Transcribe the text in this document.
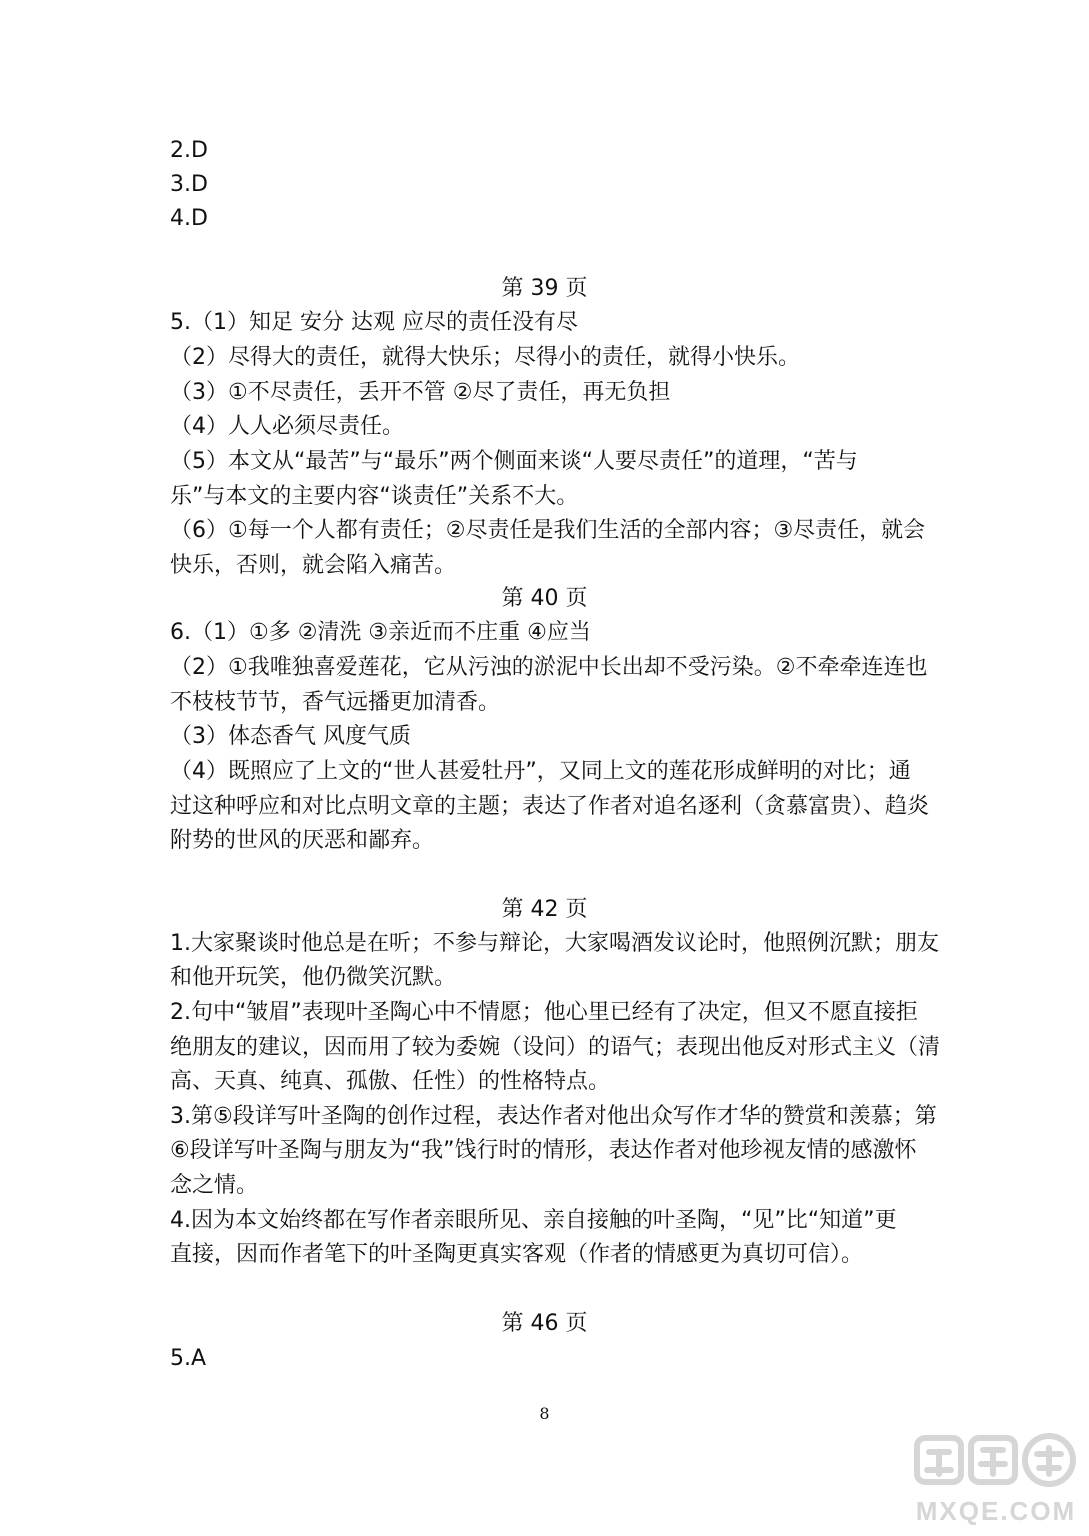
2.D
3.D
4.D
第 39 页
5.（1）知足 安分 达观 应尽的责任没有尽
（2）尽得大的责任，就得大快乐；尽得小的责任，就得小快乐。
（3）①不尽责任，丢开不管 ②尽了责任，再无负担
（4）人人必须尽责任。
（5）本文从“最苦”与“最乐”两个侧面来谈“人要尽责任”的道理，“苦与
乐”与本文的主要内容“谈责任”关系不大。
（6）①每一个人都有责任；②尽责任是我们生活的全部内容；③尽责任，就会
快乐，否则，就会陷入痛苦。
第 40 页
6.（1）①多 ②清洗 ③亲近而不庄重 ④应当
（2）①我唯独喜爱莲花，它从污浊的淤泥中长出却不受污染。②不牵牵连连也
不枝枝节节，香气远播更加清香。
（3）体态香气 风度气质
（4）既照应了上文的“世人甚爱牡丹”，又同上文的莲花形成鲜明的对比；通
过这种呼应和对比点明文章的主题；表达了作者对追名逐利（贪慕富贵）、趋炎
附势的世风的厌恶和鄙弃。
第 42 页
1.大家聚谈时他总是在听；不参与辩论，大家喝酒发议论时，他照例沉默；朋友
和他开玩笑，他仍微笑沉默。
2.句中“皱眉”表现叶圣陶心中不情愿；他心里已经有了决定，但又不愿直接拒
绝朋友的建议，因而用了较为委婉（设问）的语气；表现出他反对形式主义（清
高、天真、纯真、孤傲、任性）的性格特点。
3.第⑤段详写叶圣陶的创作过程，表达作者对他出众写作才华的赞赏和羡慕；第
⑥段详写叶圣陶与朋友为“我”饯行时的情形，表达作者对他珍视友情的感激怀
念之情。
4.因为本文始终都在写作者亲眼所见、亲自接触的叶圣陶，“见”比“知道”更
直接，因而作者笔下的叶圣陶更真实客观（作者的情感更为真切可信）。
第 46 页
5.A
8
MXQE.COM
